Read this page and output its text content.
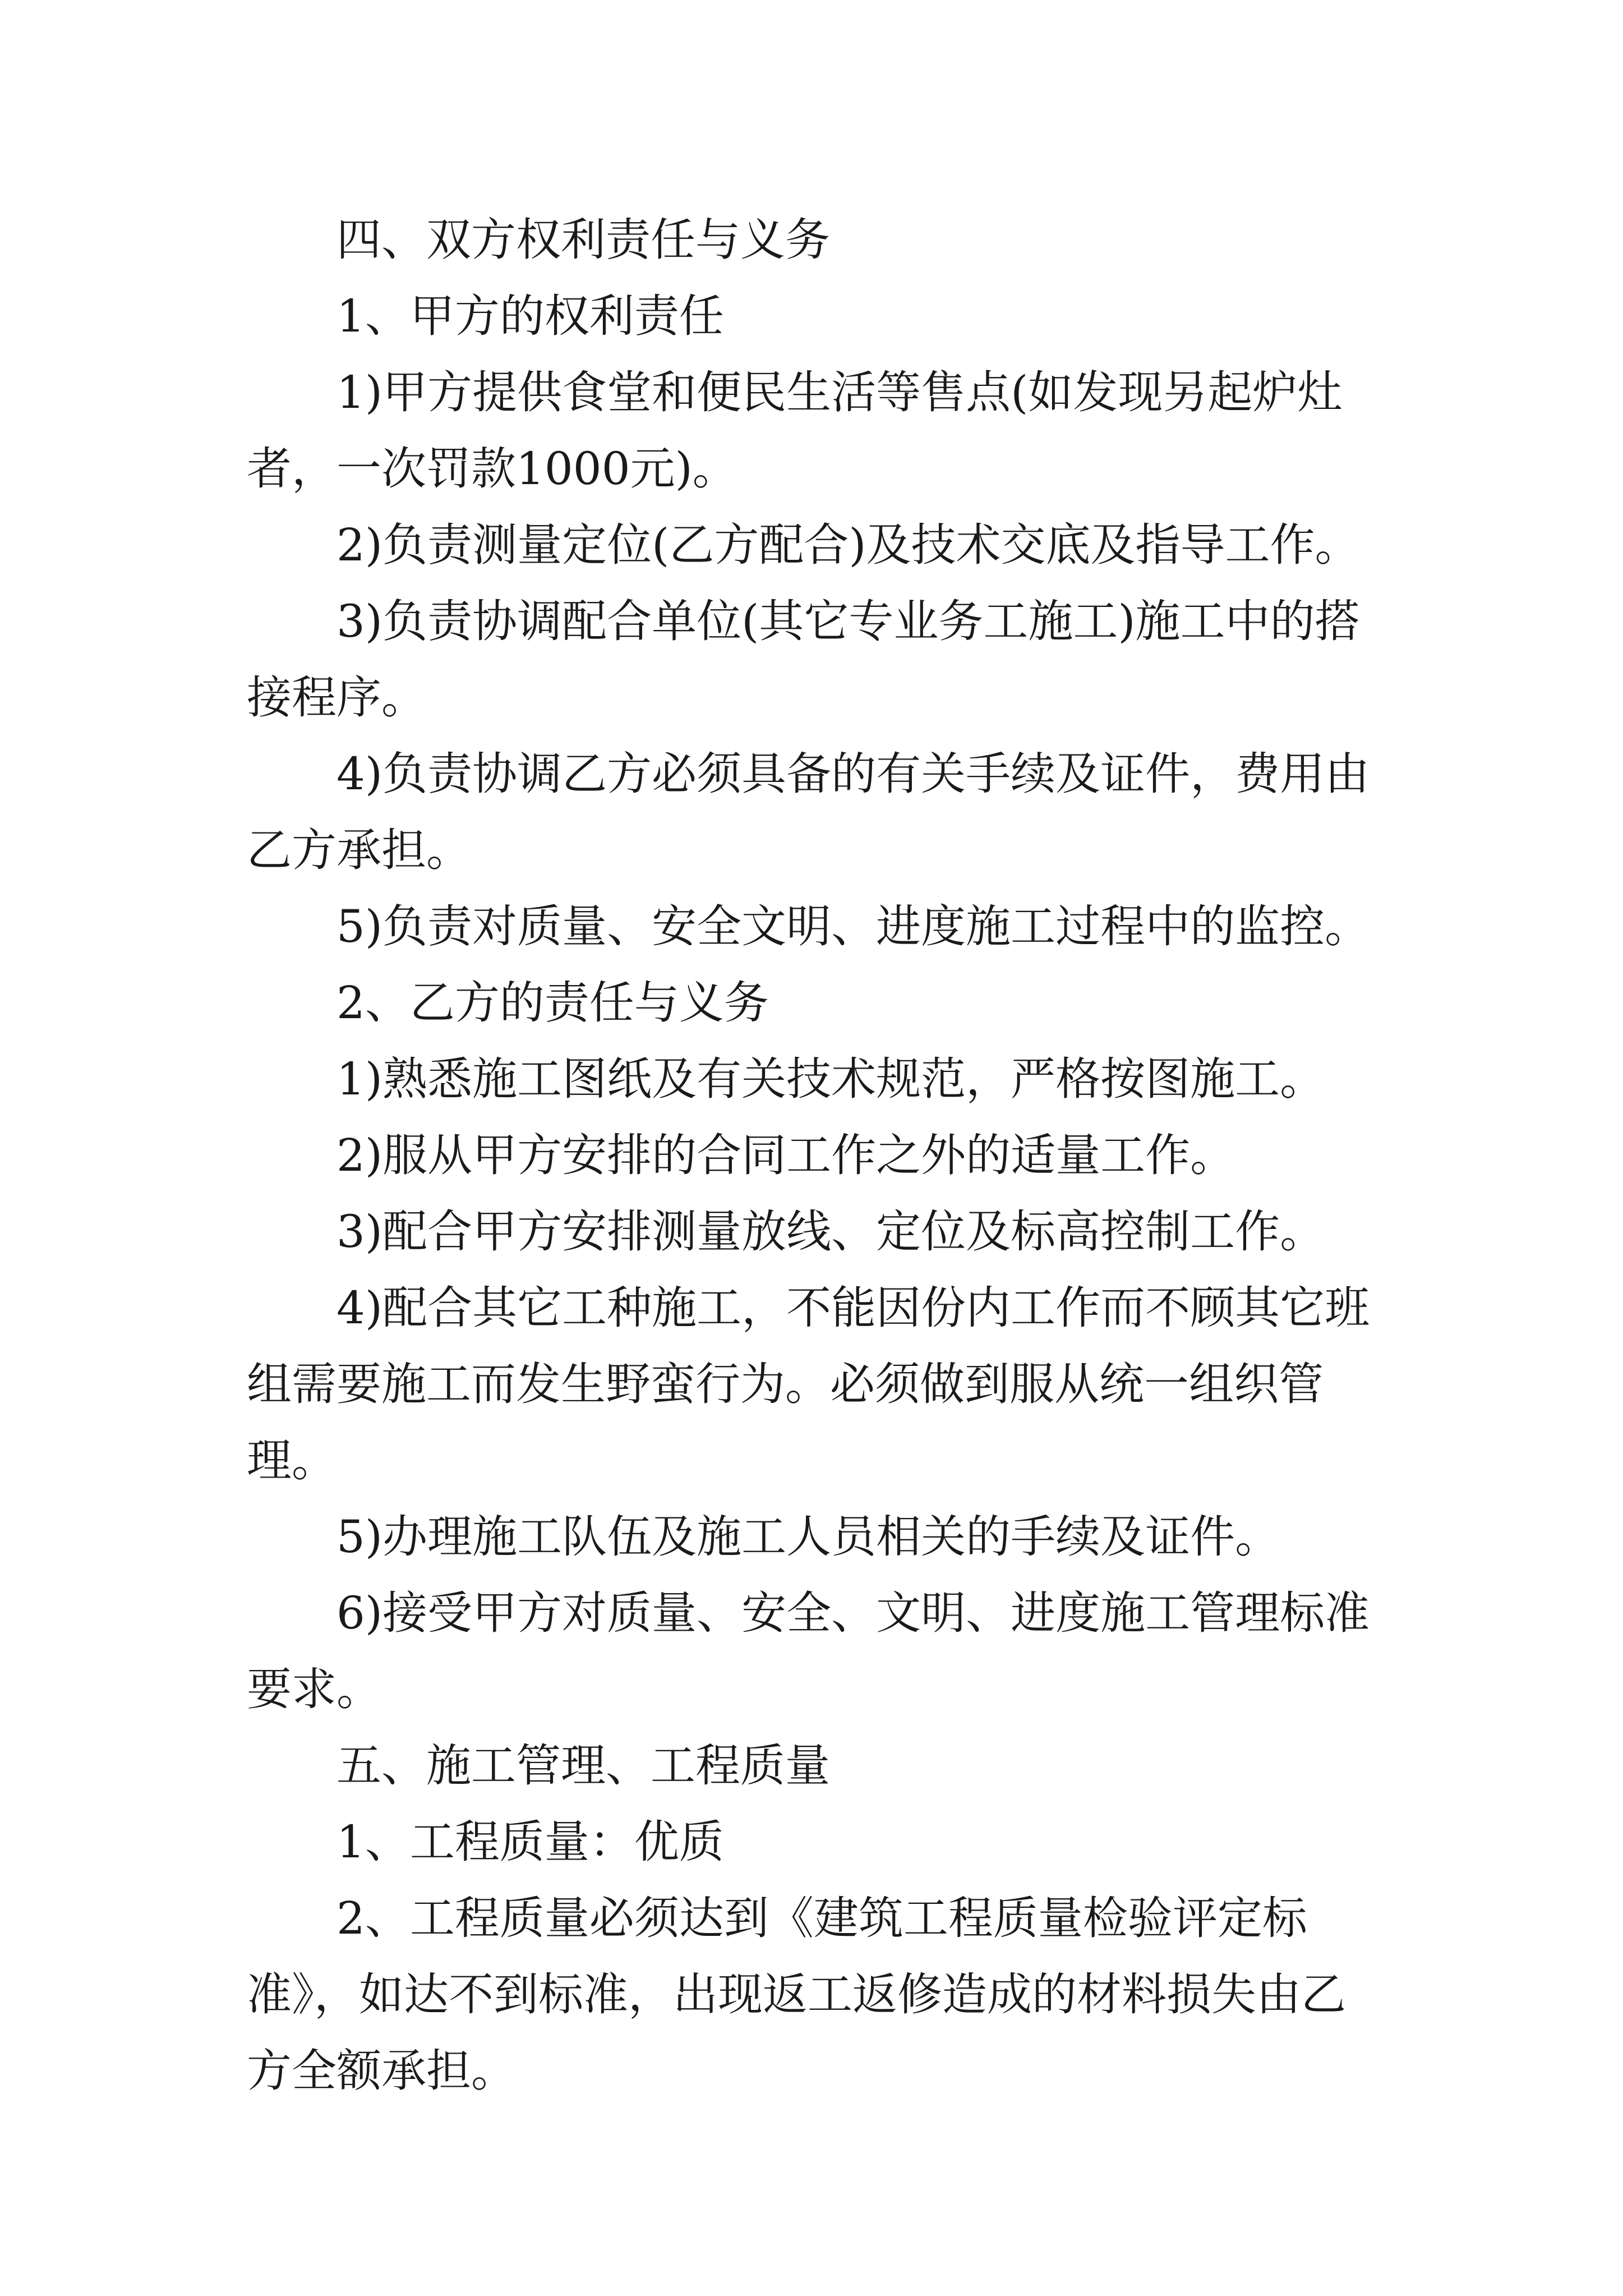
四、双方权利责任与义务

1、甲方的权利责任

1)甲方提供食堂和便民生活等售点(如发现另起炉灶者，一次罚款1000元)。

2)负责测量定位(乙方配合)及技术交底及指导工作。

3)负责协调配合单位(其它专业务工施工)施工中的搭接程序。

4)负责协调乙方必须具备的有关手续及证件，费用由乙方承担。

5)负责对质量、安全文明、进度施工过程中的监控。

2、乙方的责任与义务

1)熟悉施工图纸及有关技术规范，严格按图施工。

2)服从甲方安排的合同工作之外的适量工作。

3)配合甲方安排测量放线、定位及标高控制工作。

4)配合其它工种施工，不能因份内工作而不顾其它班组需要施工而发生野蛮行为。必须做到服从统一组织管理。

5)办理施工队伍及施工人员相关的手续及证件。

6)接受甲方对质量、安全、文明、进度施工管理标准要求。

五、施工管理、工程质量

1、工程质量：优质

2、工程质量必须达到《建筑工程质量检验评定标准》，如达不到标准，出现返工返修造成的材料损失由乙方全额承担。
